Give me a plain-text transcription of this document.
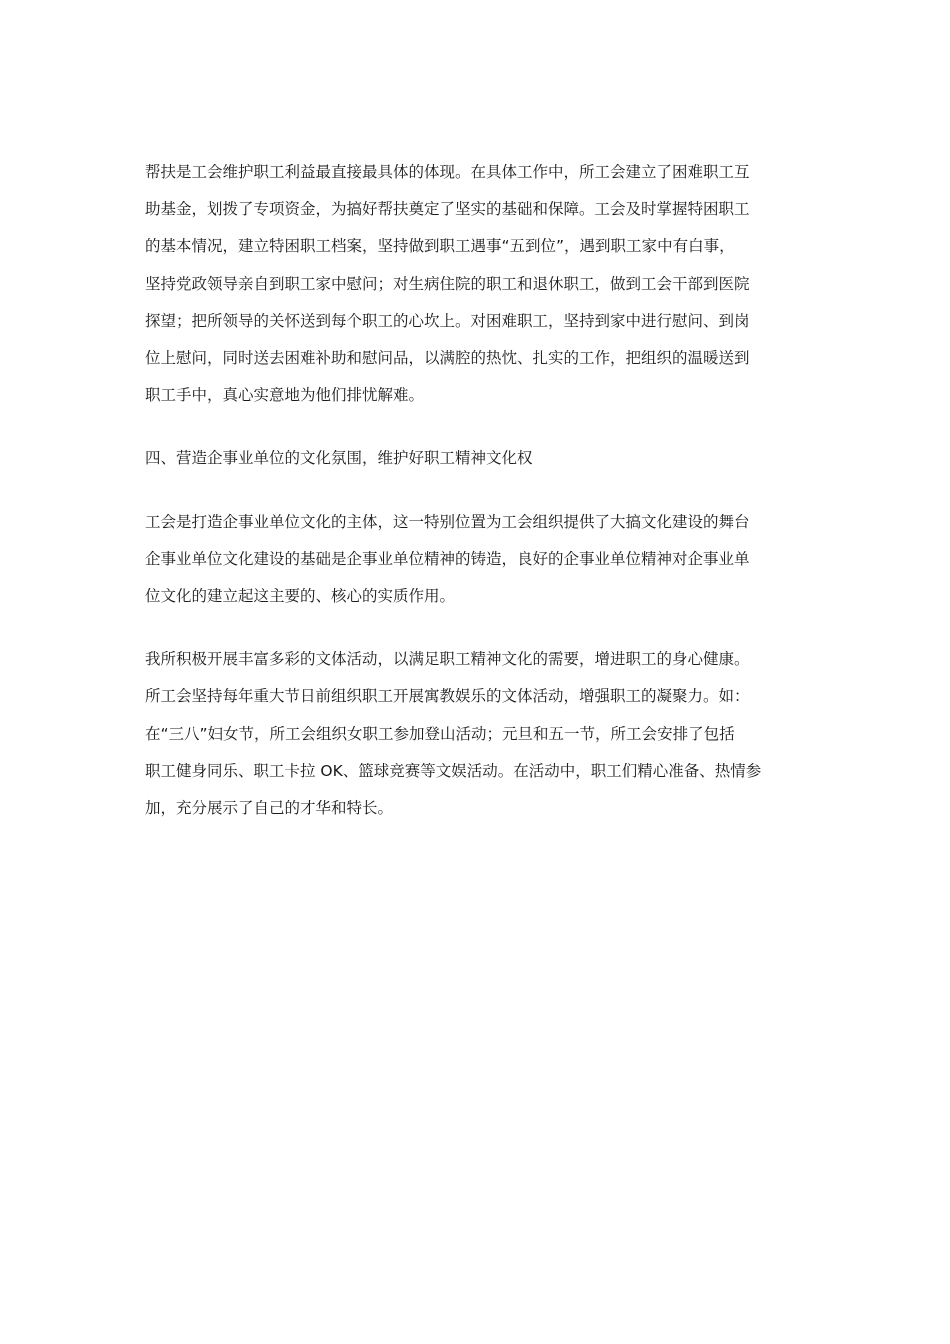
帮扶是工会维护职工利益最直接最具体的体现。在具体工作中，所工会建立了困难职工互
助基金，划拨了专项资金，为搞好帮扶奠定了坚实的基础和保障。工会及时掌握特困职工
的基本情况，建立特困职工档案，坚持做到职工遇事“五到位”，遇到职工家中有白事，
坚持党政领导亲自到职工家中慰问；对生病住院的职工和退休职工，做到工会干部到医院
探望；把所领导的关怀送到每个职工的心坎上。对困难职工，坚持到家中进行慰问、到岗
位上慰问，同时送去困难补助和慰问品，以满腔的热忱、扎实的工作，把组织的温暖送到
职工手中，真心实意地为他们排忧解难。
四、营造企事业单位的文化氛围，维护好职工精神文化权
工会是打造企事业单位文化的主体，这一特别位置为工会组织提供了大搞文化建设的舞台
企事业单位文化建设的基础是企事业单位精神的铸造，良好的企事业单位精神对企事业单
位文化的建立起这主要的、核心的实质作用。
我所积极开展丰富多彩的文体活动，以满足职工精神文化的需要，增进职工的身心健康。
所工会坚持每年重大节日前组织职工开展寓教娱乐的文体活动，增强职工的凝聚力。如：
在“三八”妇女节，所工会组织女职工参加登山活动；元旦和五一节，所工会安排了包括
职工健身同乐、职工卡拉 OK、篮球竞赛等文娱活动。在活动中，职工们精心准备、热情参
加，充分展示了自己的才华和特长。
